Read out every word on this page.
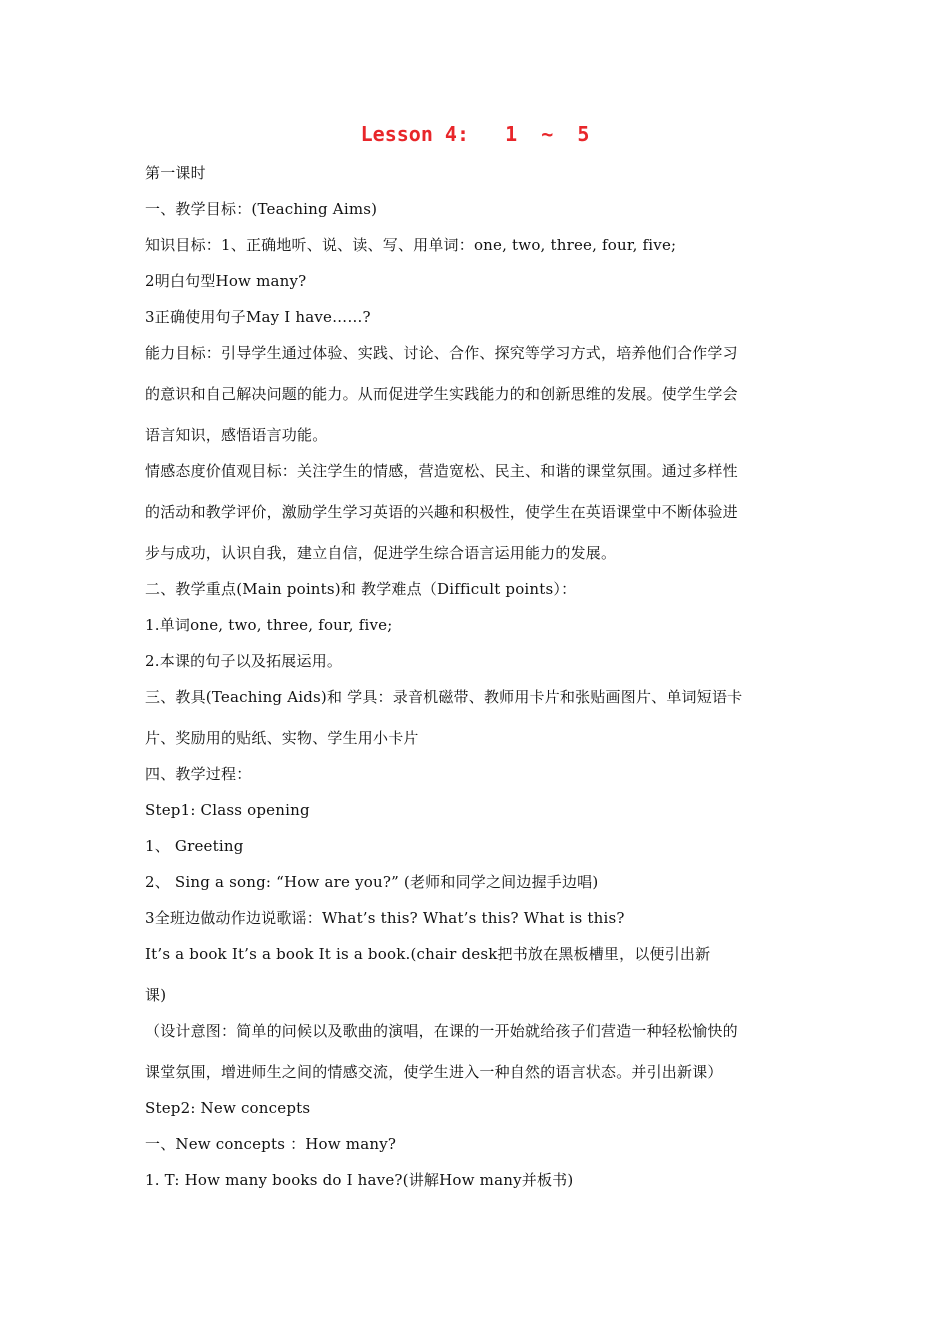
Lesson 4:   1  ~  5
第一课时
一、教学目标：(Teaching Aims)
知识目标：1、正确地听、说、读、写、用单词：one, two, three, four, five;
2明白句型How many?
3正确使用句子May I have……?
能力目标：引导学生通过体验、实践、讨论、合作、探究等学习方式，培养他们合作学习
的意识和自己解决问题的能力。从而促进学生实践能力的和创新思维的发展。使学生学会
语言知识，感悟语言功能。
情感态度价值观目标：关注学生的情感，营造宽松、民主、和谐的课堂氛围。通过多样性
的活动和教学评价，激励学生学习英语的兴趣和积极性，使学生在英语课堂中不断体验进
步与成功，认识自我，建立自信，促进学生综合语言运用能力的发展。
二、教学重点(Main points)和 教学难点（Difficult points）：
1.单词one, two, three, four, five;
2.本课的句子以及拓展运用。
三、教具(Teaching Aids)和 学具：录音机磁带、教师用卡片和张贴画图片、单词短语卡
片、奖励用的贴纸、实物、学生用小卡片
四、教学过程：
Step1: Class opening
1、 Greeting
2、 Sing a song: “How are you?” (老师和同学之间边握手边唱)
3全班边做动作边说歌谣：What’s this? What’s this? What is this?
It’s a book It’s a book It is a book.(chair desk把书放在黑板槽里，以便引出新
课)
（设计意图：简单的问候以及歌曲的演唱，在课的一开始就给孩子们营造一种轻松愉快的
课堂氛围，增进师生之间的情感交流，使学生进入一种自然的语言状态。并引出新课）
Step2: New concepts
一、New concepts ：How many?
1. T: How many books do I have?(讲解How many并板书)
